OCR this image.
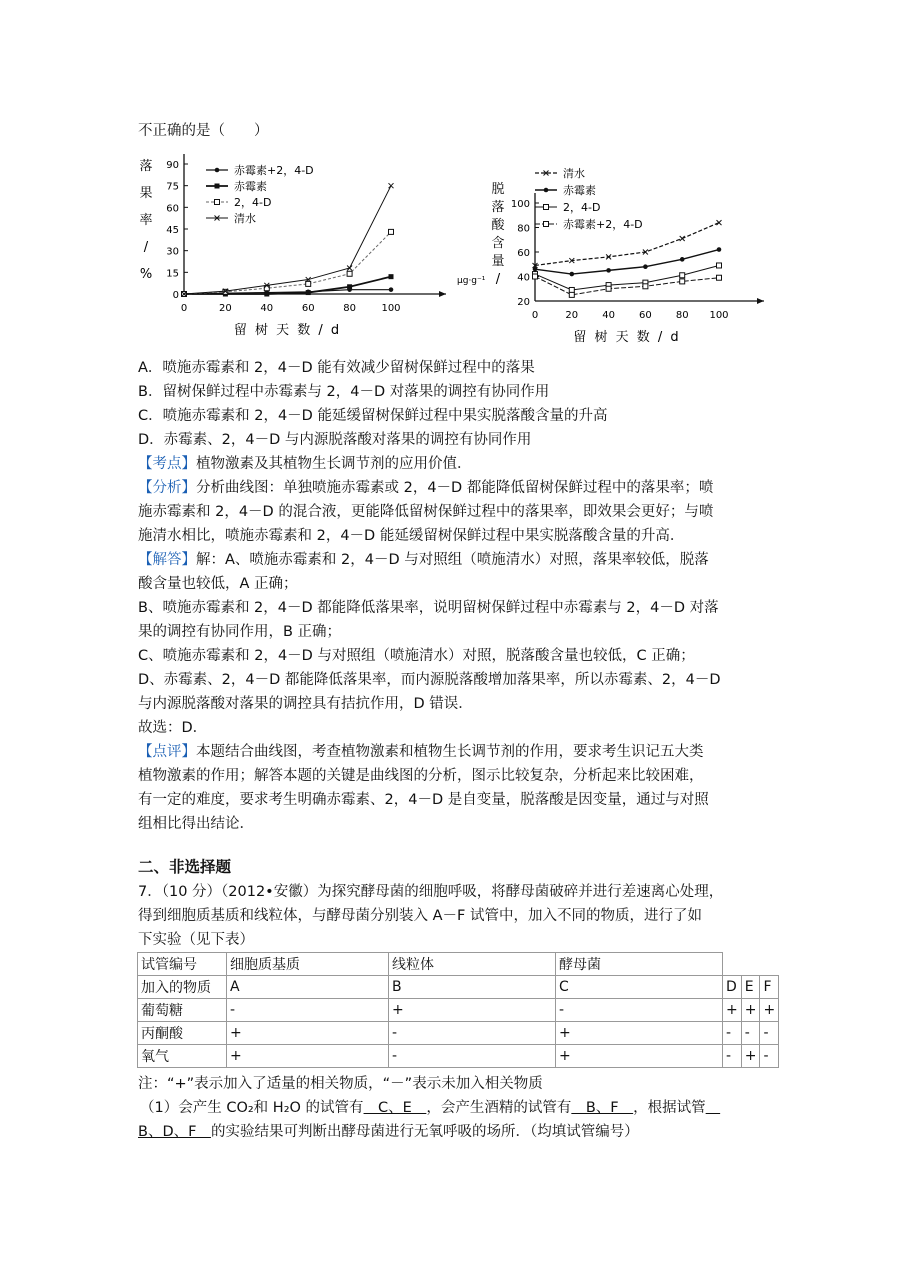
不正确的是（　　）
0	20	40	60	80	100
0
15
30
45
60
75
90
留 树 天 数 / d
落
果
率
/
%
赤霉素+2，4-D
赤霉素
2，4-D
清水
0	20 40 60 80 100
20
40
60
80
100
留 树 天 数 / d
脱
落
酸
含
量
/
μg·g⁻¹
清水
赤霉素
2，4-D
赤霉素+2，4-D
A．喷施赤霉素和 2，4－D 能有效减少留树保鲜过程中的落果
B．留树保鲜过程中赤霉素与 2，4－D 对落果的调控有协同作用
C．喷施赤霉素和 2，4－D 能延缓留树保鲜过程中果实脱落酸含量的升高
D．赤霉素、2，4－D 与内源脱落酸对落果的调控有协同作用
【考点】植物激素及其植物生长调节剂的应用价值．
【分析】分析曲线图：单独喷施赤霉素或 2，4－D 都能降低留树保鲜过程中的落果率；喷
施赤霉素和 2，4－D 的混合液，更能降低留树保鲜过程中的落果率，即效果会更好；与喷
施清水相比，喷施赤霉素和 2，4－D 能延缓留树保鲜过程中果实脱落酸含量的升高．
【解答】解：A、喷施赤霉素和 2，4－D 与对照组（喷施清水）对照，落果率较低，脱落
酸含量也较低，A 正确；
B、喷施赤霉素和 2，4－D 都能降低落果率，说明留树保鲜过程中赤霉素与 2，4－D 对落
果的调控有协同作用，B 正确；
C、喷施赤霉素和 2，4－D 与对照组（喷施清水）对照，脱落酸含量也较低，C 正确；
D、赤霉素、2，4－D 都能降低落果率，而内源脱落酸增加落果率，所以赤霉素、2，4－D
与内源脱落酸对落果的调控具有拮抗作用，D 错误．
故选：D．
【点评】本题结合曲线图，考查植物激素和植物生长调节剂的作用，要求考生识记五大类
植物激素的作用；解答本题的关键是曲线图的分析，图示比较复杂，分析起来比较困难，
有一定的难度，要求考生明确赤霉素、2，4－D 是自变量，脱落酸是因变量，通过与对照
组相比得出结论．
二、非选择题
7．（10 分）（2012•安徽）为探究酵母菌的细胞呼吸，将酵母菌破碎并进行差速离心处理，
得到细胞质基质和线粒体，与酵母菌分别装入 A－F 试管中，加入不同的物质，进行了如
下实验（见下表）
试管编号	细胞质基质	线粒体	酵母菌			
加入的物质	A	B	C	D	E	F
葡萄糖	-	+	-	+	+	+
丙酮酸	+	-	+	-	-	-
氧气	+	-	+	-	+	-
注：“+”表示加入了适量的相关物质，“－”表示未加入相关物质
（1）会产生 CO₂和 H₂O 的试管有　C、E　，会产生酒精的试管有　B、F　，根据试管　
B、D、F　的实验结果可判断出酵母菌进行无氧呼吸的场所．（均填试管编号）
